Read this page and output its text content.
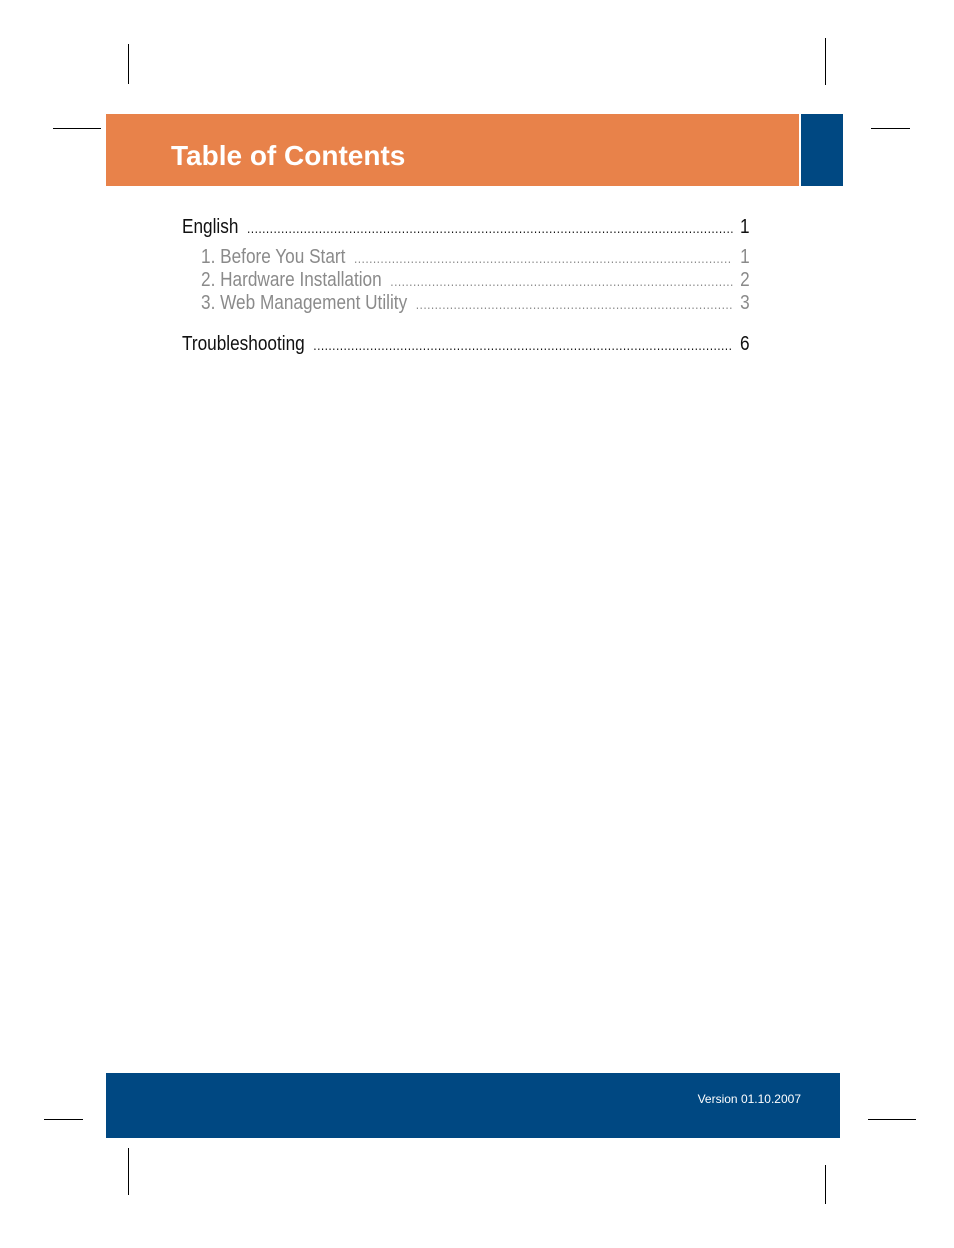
Table of Contents
English .....	1
1. Before You Start .....	1
2. Hardware Installation .....	2
3. Web Management Utility .....	3
Troubleshooting .....	6
Version 01.10.2007
